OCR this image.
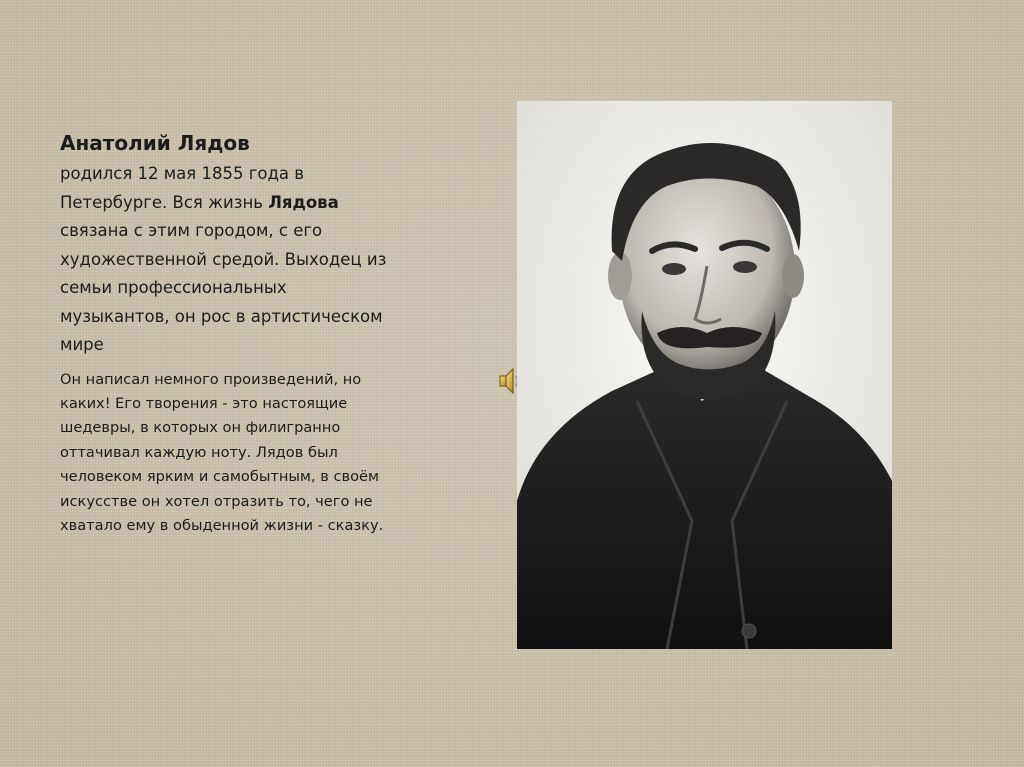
Анатолий Лядов

родился 12 мая 1855 года в Петербурге. Вся жизнь Лядова связана с этим городом, с его художественной средой. Выходец из семьи профессиональных музыкантов, он рос в артистическом мире

Он написал немного произведений, но каких! Его творения - это настоящие шедевры, в которых он филигранно оттачивал каждую ноту. Лядов был человеком ярким и самобытным, в своём искусстве он хотел отразить то, чего не хватало ему в обыденной жизни - сказку.
